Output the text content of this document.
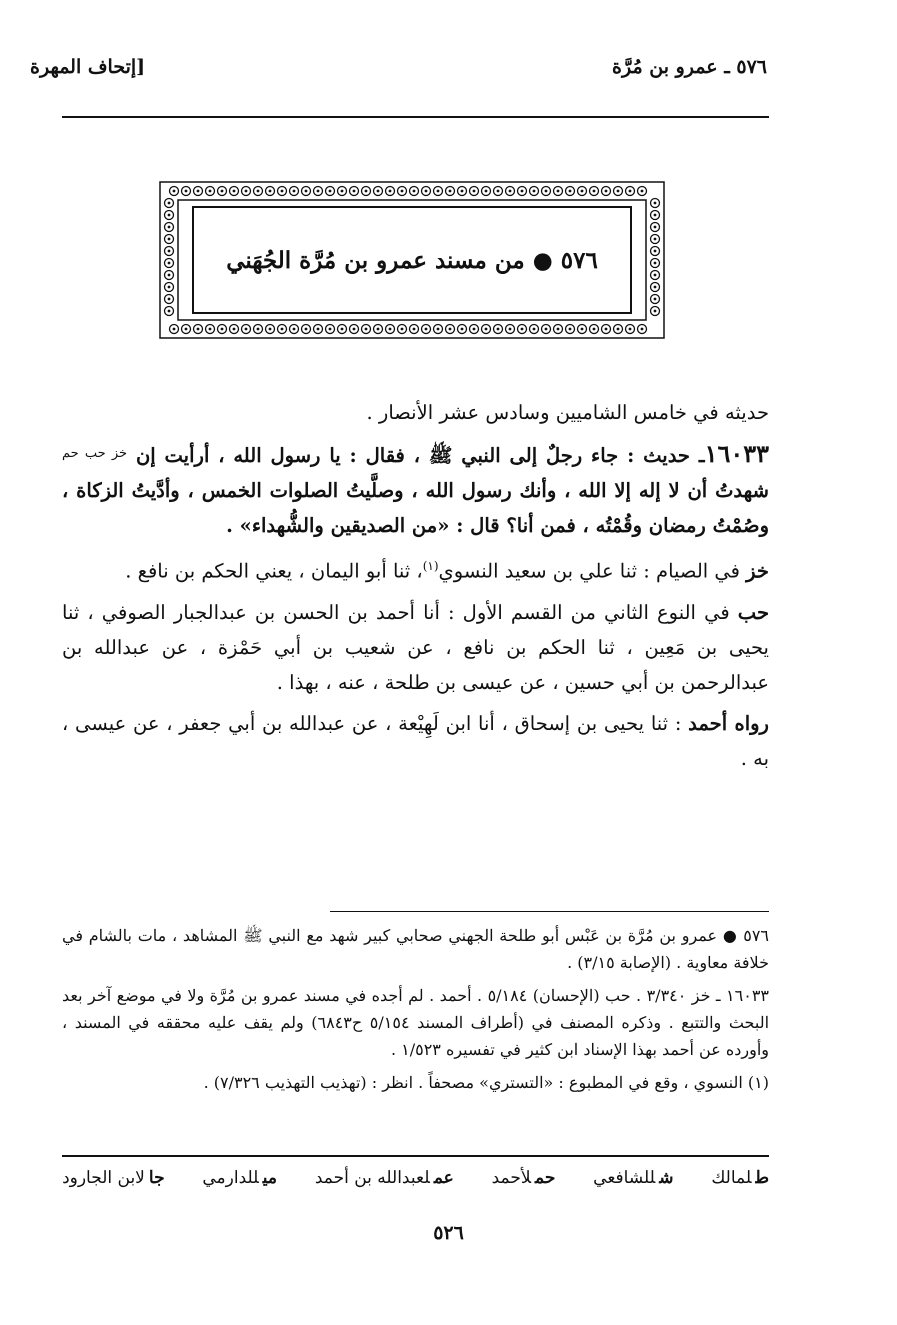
٥٧٦ ـ عمرو بن مُرَّة
[إتحاف المهرة
٥٧٦ ● من مسند عمرو بن مُرَّة الجُهَني

حديثه في خامس الشاميين وسادس عشر الأنصار .

١٦٠٣٣ـ حديث : جاء رجلٌ إلى النبي ﷺ ، فقال : يا رسول الله ، أرأيت إن $^{خز حب حم}$ شهدتُ أن لا إله إلا الله ، وأنك رسول الله ، وصلَّيتُ الصلوات الخمس ، وأدَّيتُ الزكاة ، وصُمْتُ رمضان وقُمْتُه ، فمن أنا؟ قال : «من الصديقين والشُّهداء» .

خز في الصيام : ثنا علي بن سعيد النسوي$^{(١)}$، ثنا أبو اليمان ، يعني الحكم بن نافع .

حب في النوع الثاني من القسم الأول : أنا أحمد بن الحسن بن عبدالجبار الصوفي ، ثنا يحيى بن مَعِين ، ثنا الحكم بن نافع ، عن شعيب بن أبي حَمْزة ، عن عبدالله بن عبدالرحمن بن أبي حسين ، عن عيسى بن طلحة ، عنه ، بهذا .

رواه أحمد : ثنا يحيى بن إسحاق ، أنا ابن لَهِيْعة ، عن عبدالله بن أبي جعفر ، عن عيسى ، به .

٥٧٦ ● عمرو بن مُرَّة بن عَبْس أبو طلحة الجهني صحابي كبير شهد مع النبي ﷺ المشاهد ، مات بالشام في خلافة معاوية . (الإصابة ٣/١٥) .

١٦٠٣٣ ـ خز ٣/٣٤٠ . حب (الإحسان) ٥/١٨٤ . أحمد . لم أجده في مسند عمرو بن مُرَّة ولا في موضع آخر بعد البحث والتتبع . وذكره المصنف في (أطراف المسند ٥/١٥٤ ح٦٨٤٣) ولم يقف عليه محققه في المسند ، وأورده عن أحمد بهذا الإسناد ابن كثير في تفسيره ١/٥٢٣ .

(١) النسوي ، وقع في المطبوع : «التستري» مصحفاً . انظر : (تهذيب التهذيب ٧/٣٢٦) .

طلمالك
شللشافعي
حملأحمد
عملعبدالله بن أحمد
ميللدارمي
جالابن الجارود
٥٢٦
